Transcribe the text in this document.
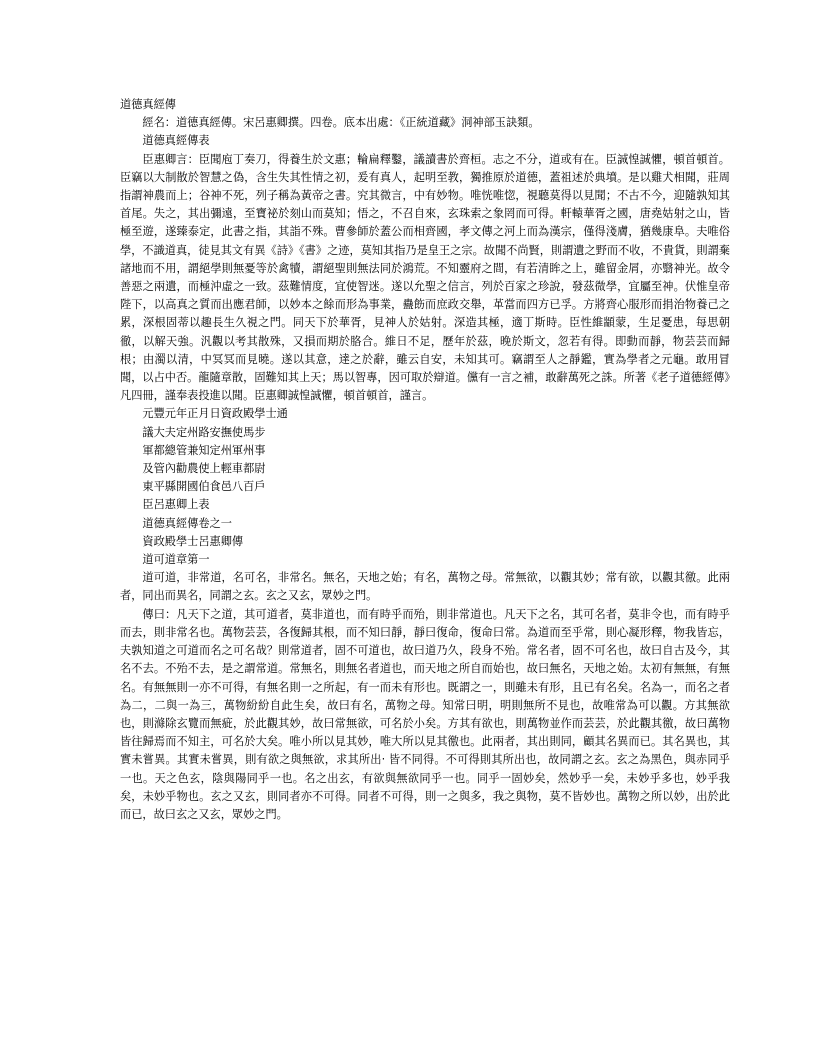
道德真經傳

經名：道德真經傳。宋呂惠卿撰。四卷。底本出處：《正統道藏》洞神部玉訣類。

道德真經傳表

臣惠卿言：臣聞庖丁奏刀，得養生於文惠；輪扁釋鑿，議讀書於齊桓。志之不分，道或有在。臣誠惶誠懼，頓首頓首。臣竊以大制散於智慧之偽，含生失其性情之初，爰有真人，起明至教，獨推原於道德，蓋祖述於典墳。是以雞犬相聞，莊周指謂神農而上；谷神不死，列子稱為黃帝之書。究其微言，中有妙物。唯恍唯惚，視聽莫得以見聞；不古不今，迎隨孰知其首尾。失之，其出彌遠，至寶祕於刻山而莫知；悟之，不召自來，玄珠索之象罔而可得。軒轅華胥之國，唐堯姑射之山，皆極至遊，遂臻泰定，此書之指，其詣不殊。曹參師於蓋公而相齊國，孝文傳之河上而為漢宗，僅得淺膚，猶幾康阜。夫唯俗學，不識道真，徒見其文有異《詩》《書》之迹，莫知其指乃是皇王之宗。故聞不尚賢，則謂遺之野而不收，不貴貨，則謂棄諸地而不用，謂絕學則無憂等於禽犢，謂絕聖則無法同於鴻荒。不知靈府之間，有若清眸之上，雖留金屑，亦翳神光。故令善惡之兩遺，而極沖虛之一致。茲難情度，宜使智迷。遂以允聖之信言，列於百家之珍說，發茲微學，宜屬至神。伏惟皇帝陛下，以高真之質而出應君師，以妙本之餘而形為事業，蠱飭而庶政交舉，革當而四方已孚。方將齊心服形而捐治物養己之累，深根固蒂以趣長生久視之門。同天下於華胥，見神人於姑射。深造其極，適丁斯時。臣性維顓蒙，生足憂患，每思朝徹，以解天強。汎觀以考其散殊，又損而期於胳合。維日不足，歷年於茲，晚於斯文，忽若有得。即動而靜，物芸芸而歸根；由濁以清，中冥冥而見曉。遂以其意，達之於辭，雖云自安，未知其可。竊謂至人之靜鑑，實為學者之元龜。敢用冒聞，以占中否。龍隨章散，固難知其上天；馬以智專，因可取於辯道。儻有一言之補，敢辭萬死之誅。所著《老子道德經傳》凡四冊，謹奉表投進以聞。臣惠卿誠惶誠懼，頓首頓首，謹言。

元豐元年正月日資政殿學士通

議大夫定州路安撫使馬步

軍都總管兼知定州軍州事

及管內勸農使上輕車都尉

東平縣開國伯食邑八百戶

臣呂惠卿上表

道德真經傳卷之一

資政殿學士呂惠卿傳

道可道章第一

道可道，非常道，名可名，非常名。無名，天地之始；有名，萬物之母。常無欲，以觀其妙；常有欲，以觀其徼。此兩者，同出而異名，同謂之玄。玄之又玄，眾妙之門。

傳曰：凡天下之道，其可道者，莫非道也，而有時乎而殆，則非常道也。凡天下之名，其可名者，莫非令也，而有時乎而去，則非常名也。萬物芸芸，各復歸其根，而不知曰靜，靜曰復命，復命曰常。為道而至乎常，則心凝形釋，物我皆忘，夫孰知道之可道而名之可名哉？則常道者，固不可道也，故曰道乃久，段身不殆。常名者，固不可名也，故曰自古及今，其名不去。不殆不去，是之謂常道。常無名，則無名者道也，而天地之所自而始也，故曰無名，天地之始。太初有無無，有無名。有無無則一亦不可得，有無名則一之所起，有一而未有形也。既謂之一，則雖未有形，且已有名矣。名為一，而名之者為二，二與一為三，萬物紛紛自此生矣，故曰有名，萬物之母。知常曰明，明則無所不見也，故唯常為可以觀。方其無欲也，則滌除玄覽而無疵，於此觀其妙，故曰常無欲，可名於小矣。方其有欲也，則萬物並作而芸芸，於此觀其徼，故曰萬物皆往歸焉而不知主，可名於大矣。唯小所以見其妙，唯大所以見其徼也。此兩者，其出則同，顧其名異而已。其名異也，其實未嘗異。其實未嘗異，則有欲之與無欲，求其所出‧ 皆不同得。不可得則其所出也，故同謂之玄。玄之為黑色，與赤同乎一也。天之色玄，陰與陽同乎一也。名之出玄，有欲與無欲同乎一也。同乎一固妙矣，然妙乎一矣，未妙乎多也，妙乎我矣，未妙乎物也。玄之又玄，則同者亦不可得。同者不可得，則一之與多，我之與物，莫不皆妙也。萬物之所以妙，出於此而已，故曰玄之又玄，眾妙之門。
